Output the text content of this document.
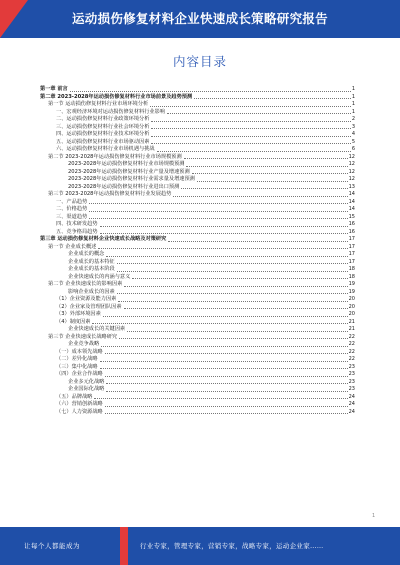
运动损伤修复材料企业快速成长策略研究报告
内容目录
第一章 前言	1
第二章 2023-2028年运动损伤修复材料行业市场前景及趋势预测	1
第一节 运动损伤修复材料行业市场环境分析	1
一、宏观经济环境对运动损伤修复材料行业影响	1
二、运动损伤修复材料行业政策环境分析	2
三、运动损伤修复材料行业社会环境分析	3
四、运动损伤修复材料行业技术环境分析	4
五、运动损伤修复材料行业市场驱动因素	5
六、运动损伤修复材料行业市场机遇与挑战	6
第二节 2023-2028年运动损伤修复材料行业市场规模预测	12
2023-2028年运动损伤修复材料行业市场规模预测	12
2023-2028年运动损伤修复材料行业产量及增速预测	12
2023-2028年运动损伤修复材料行业需求量及增速预测	12
2023-2028年运动损伤修复材料行业进出口预测	13
第三节 2023-2028年运动损伤修复材料行业发展趋势	14
一、产品趋势	14
二、价格趋势	14
三、渠道趋势	15
四、技术研发趋势	16
五、竞争格局趋势	16
第三章 运动损伤修复材料企业快速成长战略及对策研究	17
第一节 企业成长概述	17
企业成长的概念	17
企业成长的基本特征	17
企业成长的基本阶段	18
企业快速成长的内涵与意义	18
第二节 企业快速成长的影响因素	19
影响企业成长的因素	19
（1）企业资源及能力因素	20
（2）企业家及管理团队因素	20
（3）外部环境因素	20
（4）制度因素	21
企业快速成长的关键因素	21
第三节 企业快速成长战略研究	22
企业竞争战略	22
（一）成本领先战略	22
（二）差异化战略	22
（三）集中化战略	23
（四）企业合作战略	23
企业多元化战略	23
企业国际化战略	23
（五）品牌战略	24
（六）营销创新战略	24
（七）人力资源战略	24
1
让每个人都能成为	行业专家，管理专家，营销专家，战略专家，运动企业家……
